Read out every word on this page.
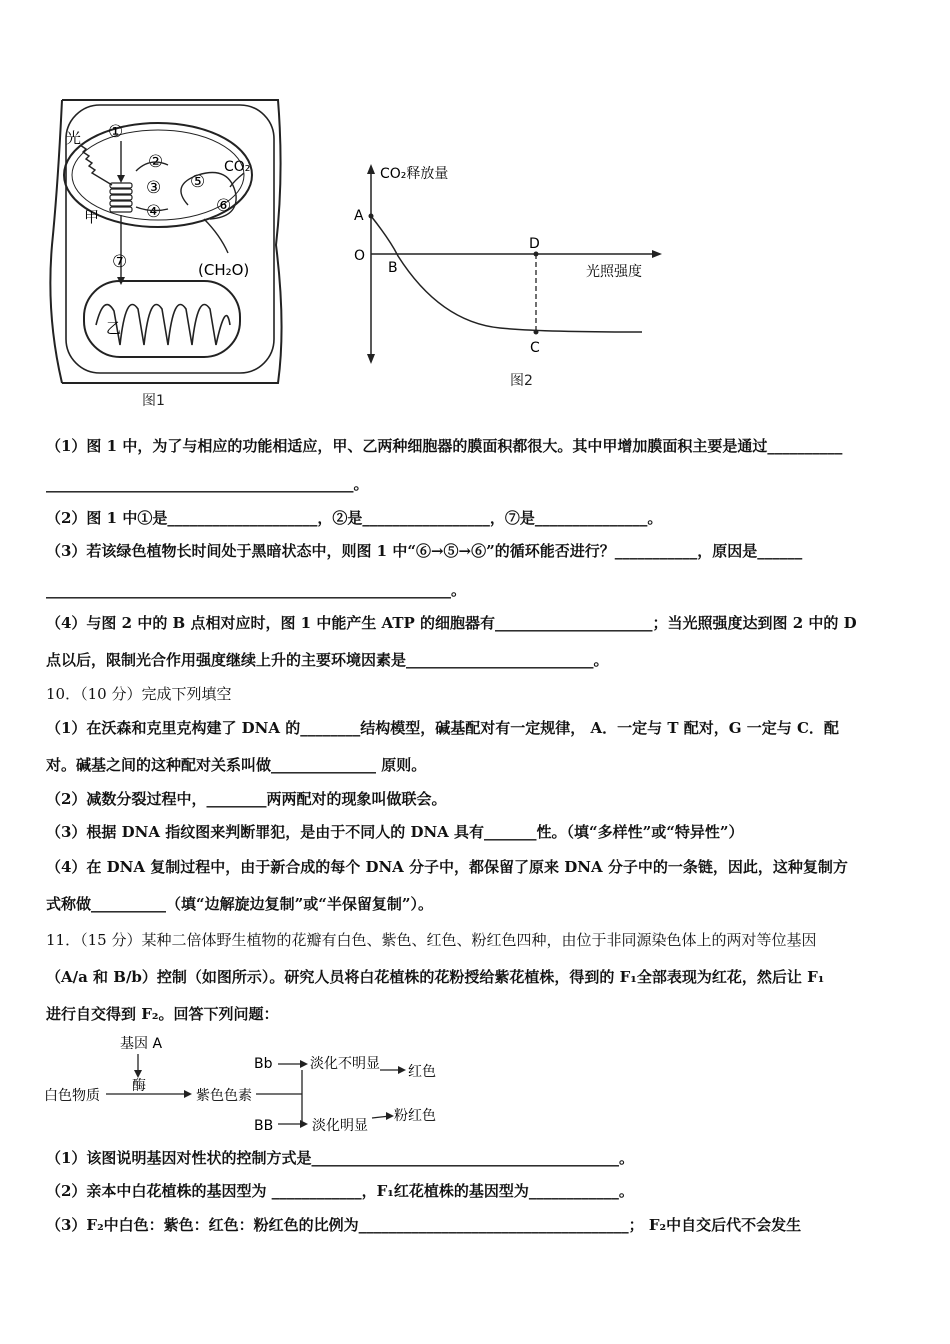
光 ①
②
③
④
⑤
⑥
CO₂
甲
⑦	(CH₂O)
乙
图1
CO₂释放量
光照强度
A
O
B
D
C
图2
（1）图 1 中，为了与相应的功能相适应，甲、乙两种细胞器的膜面积都很大。其中甲增加膜面积主要是通过__________
_________________________________________。
（2）图 1 中①是____________________，②是_________________，⑦是_______________。
（3）若该绿色植物长时间处于黑暗状态中，则图 1 中“⑥→⑤→⑥”的循环能否进行？___________，原因是______
______________________________________________________。
（4）与图 2 中的 B 点相对应时，图 1 中能产生 ATP 的细胞器有_____________________；当光照强度达到图 2 中的 D
点以后，限制光合作用强度继续上升的主要环境因素是_________________________。
10．（10 分）完成下列填空
（1）在沃森和克里克构建了 DNA 的________结构模型，碱基配对有一定规律， A．一定与 T 配对，G 一定与 C．配
对。碱基之间的这种配对关系叫做______________ 原则。
（2）减数分裂过程中，________两两配对的现象叫做联会。
（3）根据 DNA 指纹图来判断罪犯，是由于不同人的 DNA 具有_______性。（填“多样性”或“特异性”）
（4）在 DNA 复制过程中，由于新合成的每个 DNA 分子中，都保留了原来 DNA 分子中的一条链，因此，这种复制方
式称做__________（填“边解旋边复制”或“半保留复制”）。
11．（15 分）某种二倍体野生植物的花瓣有白色、紫色、红色、粉红色四种，由位于非同源染色体上的两对等位基因
（A/a 和 B/b）控制（如图所示）。研究人员将白花植株的花粉授给紫花植株，得到的 F₁全部表现为红花，然后让 F₁
进行自交得到 F₂。回答下列问题：
基因 A
酶
白色物质	紫色色素
Bb	淡化不明显 红色
BB	淡化明显
粉红色
（1）该图说明基因对性状的控制方式是_________________________________________。
（2）亲本中白花植株的基因型为 ____________，F₁红花植株的基因型为____________。
（3）F₂中白色：紫色：红色：粉红色的比例为____________________________________； F₂中自交后代不会发生
